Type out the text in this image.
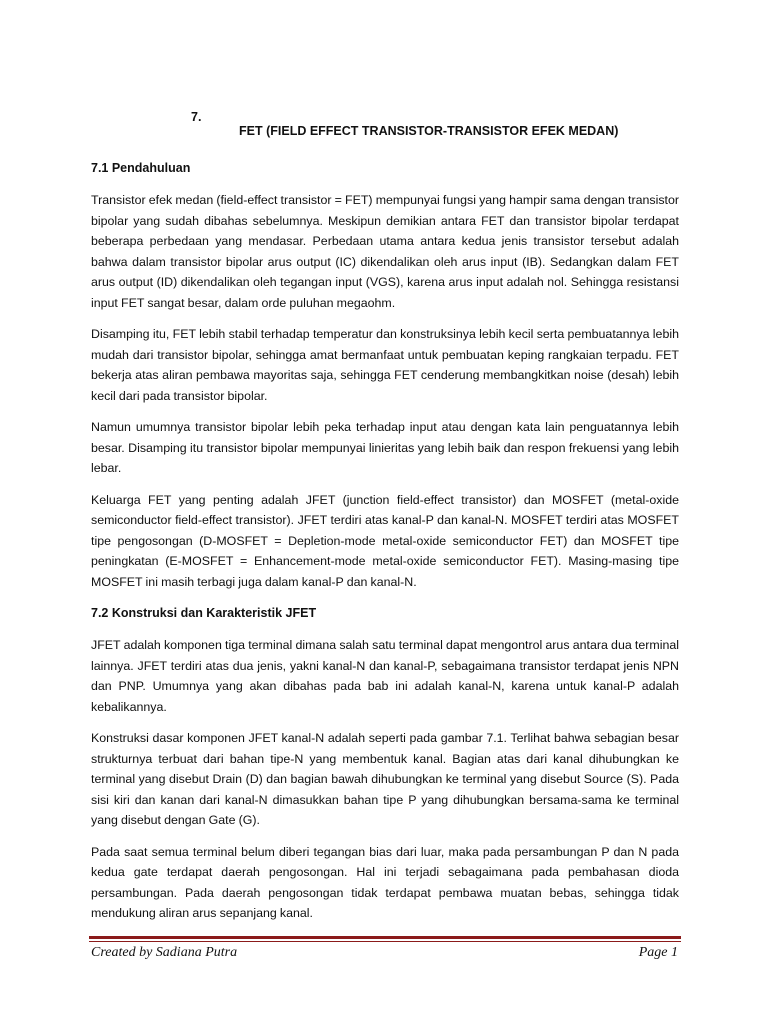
7.

FET (FIELD EFFECT TRANSISTOR-TRANSISTOR EFEK MEDAN)

7.1 Pendahuluan

Transistor efek medan (field-effect transistor = FET) mempunyai fungsi yang hampir sama dengan transistor bipolar yang sudah dibahas sebelumnya. Meskipun demikian antara FET dan transistor bipolar terdapat beberapa perbedaan yang mendasar. Perbedaan utama antara kedua jenis transistor tersebut adalah bahwa dalam transistor bipolar arus output (IC) dikendalikan oleh arus input (IB). Sedangkan dalam FET arus output (ID) dikendalikan oleh tegangan input (VGS), karena arus input adalah nol. Sehingga resistansi input FET sangat besar, dalam orde puluhan megaohm.

Disamping itu, FET lebih stabil terhadap temperatur dan konstruksinya lebih kecil serta pembuatannya lebih mudah dari transistor bipolar, sehingga amat bermanfaat untuk pembuatan keping rangkaian terpadu. FET bekerja atas aliran pembawa mayoritas saja, sehingga FET cenderung membangkitkan noise (desah) lebih kecil dari pada transistor bipolar.

Namun umumnya transistor bipolar lebih peka terhadap input atau dengan kata lain penguatannya lebih besar. Disamping itu transistor bipolar mempunyai linieritas yang lebih baik dan respon frekuensi yang lebih lebar.

Keluarga FET yang penting adalah JFET (junction field-effect transistor) dan MOSFET (metal-oxide semiconductor field-effect transistor). JFET terdiri atas kanal-P dan kanal-N. MOSFET terdiri atas MOSFET tipe pengosongan (D-MOSFET = Depletion-mode metal-oxide semiconductor FET) dan MOSFET tipe peningkatan (E-MOSFET = Enhancement-mode metal-oxide semiconductor FET). Masing-masing tipe MOSFET ini masih terbagi juga dalam kanal-P dan kanal-N.

7.2 Konstruksi dan Karakteristik JFET

JFET adalah komponen tiga terminal dimana salah satu terminal dapat mengontrol arus antara dua terminal lainnya. JFET terdiri atas dua jenis, yakni kanal-N dan kanal-P, sebagaimana transistor terdapat jenis NPN dan PNP. Umumnya yang akan dibahas pada bab ini adalah kanal-N, karena untuk kanal-P adalah kebalikannya.

Konstruksi dasar komponen JFET kanal-N adalah seperti pada gambar 7.1. Terlihat bahwa sebagian besar strukturnya terbuat dari bahan tipe-N yang membentuk kanal. Bagian atas dari kanal dihubungkan ke terminal yang disebut Drain (D) dan bagian bawah dihubungkan ke terminal yang disebut Source (S). Pada sisi kiri dan kanan dari kanal-N dimasukkan bahan tipe P yang dihubungkan bersama-sama ke terminal yang disebut dengan Gate (G).

Pada saat semua terminal belum diberi tegangan bias dari luar, maka pada persambungan P dan N pada kedua gate terdapat daerah pengosongan. Hal ini terjadi sebagaimana pada pembahasan dioda persambungan. Pada daerah pengosongan tidak terdapat pembawa muatan bebas, sehingga tidak mendukung aliran arus sepanjang kanal.

Created by Sadiana Putra	Page 1
